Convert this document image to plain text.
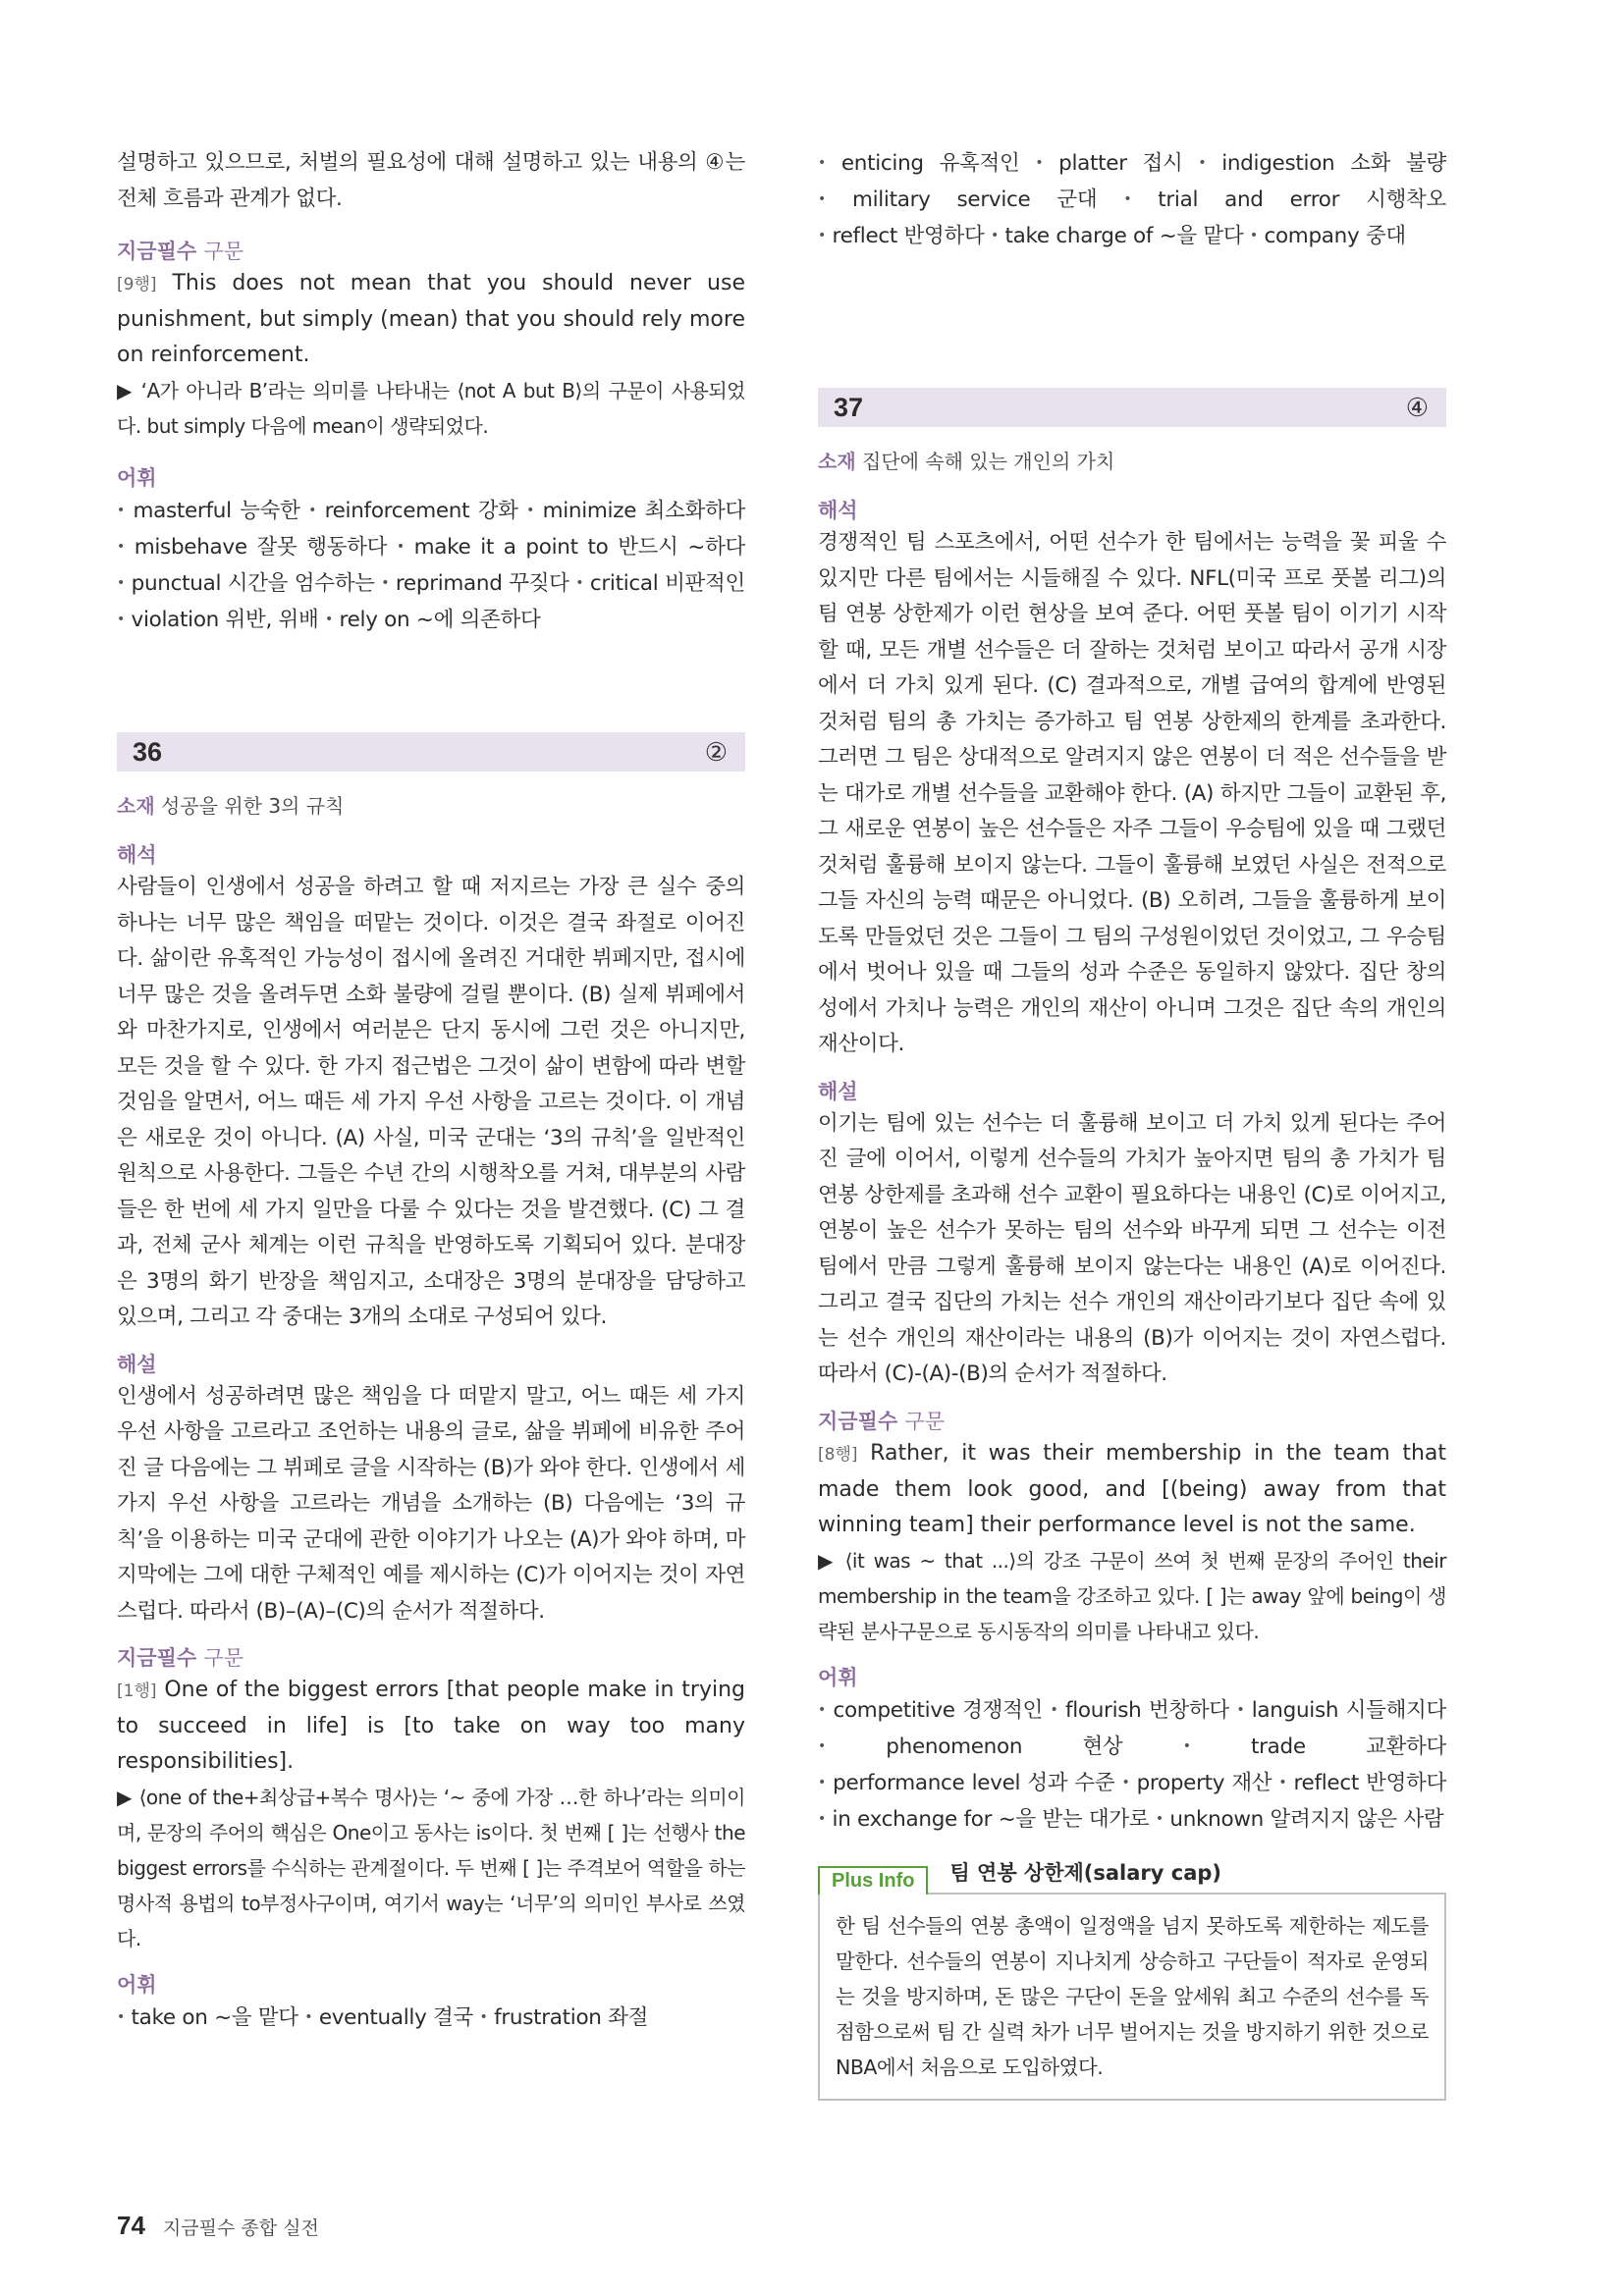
설명하고 있으므로, 처벌의 필요성에 대해 설명하고 있는 내용의 ④는 전체 흐름과 관계가 없다.

지금필수 구문

[9행] This does not mean that you should never use punishment, but simply (mean) that you should rely more on reinforcement.

▶ ‘A가 아니라 B’라는 의미를 나타내는 ⟨not A but B⟩의 구문이 사용되었다. but simply 다음에 mean이 생략되었다.

어휘

• masterful 능숙한 • reinforcement 강화 • minimize 최소화하다 • misbehave 잘못 행동하다 • make it a point to 반드시 ~하다 • punctual 시간을 엄수하는 • reprimand 꾸짖다 • critical 비판적인 • violation 위반, 위배 • rely on ~에 의존하다

36	②

소재 성공을 위한 3의 규칙

해석

사람들이 인생에서 성공을 하려고 할 때 저지르는 가장 큰 실수 중의 하나는 너무 많은 책임을 떠맡는 것이다. 이것은 결국 좌절로 이어진다. 삶이란 유혹적인 가능성이 접시에 올려진 거대한 뷔페지만, 접시에 너무 많은 것을 올려두면 소화 불량에 걸릴 뿐이다. (B) 실제 뷔페에서와 마찬가지로, 인생에서 여러분은 단지 동시에 그런 것은 아니지만, 모든 것을 할 수 있다. 한 가지 접근법은 그것이 삶이 변함에 따라 변할 것임을 알면서, 어느 때든 세 가지 우선 사항을 고르는 것이다. 이 개념은 새로운 것이 아니다. (A) 사실, 미국 군대는 ‘3의 규칙’을 일반적인 원칙으로 사용한다. 그들은 수년 간의 시행착오를 거쳐, 대부분의 사람들은 한 번에 세 가지 일만을 다룰 수 있다는 것을 발견했다. (C) 그 결과, 전체 군사 체계는 이런 규칙을 반영하도록 기획되어 있다. 분대장은 3명의 화기 반장을 책임지고, 소대장은 3명의 분대장을 담당하고 있으며, 그리고 각 중대는 3개의 소대로 구성되어 있다.

해설

인생에서 성공하려면 많은 책임을 다 떠맡지 말고, 어느 때든 세 가지 우선 사항을 고르라고 조언하는 내용의 글로, 삶을 뷔페에 비유한 주어진 글 다음에는 그 뷔페로 글을 시작하는 (B)가 와야 한다. 인생에서 세 가지 우선 사항을 고르라는 개념을 소개하는 (B) 다음에는 ‘3의 규칙’을 이용하는 미국 군대에 관한 이야기가 나오는 (A)가 와야 하며, 마지막에는 그에 대한 구체적인 예를 제시하는 (C)가 이어지는 것이 자연스럽다. 따라서 (B)–(A)–(C)의 순서가 적절하다.

지금필수 구문

[1행] One of the biggest errors [that people make in trying to succeed in life] is [to take on way too many responsibilities].

▶ ⟨one of the+최상급+복수 명사⟩는 ‘~ 중에 가장 …한 하나’라는 의미이며, 문장의 주어의 핵심은 One이고 동사는 is이다. 첫 번째 [ ]는 선행사 the biggest errors를 수식하는 관계절이다. 두 번째 [ ]는 주격보어 역할을 하는 명사적 용법의 to부정사구이며, 여기서 way는 ‘너무’의 의미인 부사로 쓰였다.

어휘

• take on ~을 맡다 • eventually 결국 • frustration 좌절

• enticing 유혹적인 • platter 접시 • indigestion 소화 불량 • military service 군대 • trial and error 시행착오 • reflect 반영하다 • take charge of ~을 맡다 • company 중대

37	④

소재 집단에 속해 있는 개인의 가치

해석

경쟁적인 팀 스포츠에서, 어떤 선수가 한 팀에서는 능력을 꽃 피울 수 있지만 다른 팀에서는 시들해질 수 있다. NFL(미국 프로 풋볼 리그)의 팀 연봉 상한제가 이런 현상을 보여 준다. 어떤 풋볼 팀이 이기기 시작할 때, 모든 개별 선수들은 더 잘하는 것처럼 보이고 따라서 공개 시장에서 더 가치 있게 된다. (C) 결과적으로, 개별 급여의 합계에 반영된 것처럼 팀의 총 가치는 증가하고 팀 연봉 상한제의 한계를 초과한다. 그러면 그 팀은 상대적으로 알려지지 않은 연봉이 더 적은 선수들을 받는 대가로 개별 선수들을 교환해야 한다. (A) 하지만 그들이 교환된 후, 그 새로운 연봉이 높은 선수들은 자주 그들이 우승팀에 있을 때 그랬던 것처럼 훌륭해 보이지 않는다. 그들이 훌륭해 보였던 사실은 전적으로 그들 자신의 능력 때문은 아니었다. (B) 오히려, 그들을 훌륭하게 보이도록 만들었던 것은 그들이 그 팀의 구성원이었던 것이었고, 그 우승팀에서 벗어나 있을 때 그들의 성과 수준은 동일하지 않았다. 집단 창의성에서 가치나 능력은 개인의 재산이 아니며 그것은 집단 속의 개인의 재산이다.

해설

이기는 팀에 있는 선수는 더 훌륭해 보이고 더 가치 있게 된다는 주어진 글에 이어서, 이렇게 선수들의 가치가 높아지면 팀의 총 가치가 팀 연봉 상한제를 초과해 선수 교환이 필요하다는 내용인 (C)로 이어지고, 연봉이 높은 선수가 못하는 팀의 선수와 바꾸게 되면 그 선수는 이전 팀에서 만큼 그렇게 훌륭해 보이지 않는다는 내용인 (A)로 이어진다. 그리고 결국 집단의 가치는 선수 개인의 재산이라기보다 집단 속에 있는 선수 개인의 재산이라는 내용의 (B)가 이어지는 것이 자연스럽다. 따라서 (C)-(A)-(B)의 순서가 적절하다.

지금필수 구문

[8행] Rather, it was their membership in the team that made them look good, and [(being) away from that winning team] their performance level is not the same.

▶ ⟨it was ~ that ...⟩의 강조 구문이 쓰여 첫 번째 문장의 주어인 their membership in the team을 강조하고 있다. [ ]는 away 앞에 being이 생략된 분사구문으로 동시동작의 의미를 나타내고 있다.

어휘

• competitive 경쟁적인 • flourish 번창하다 • languish 시들해지다 •	phenomenon 현상	•	trade 교환하다 • performance level 성과 수준 • property 재산 • reflect 반영하다 • in exchange for ~을 받는 대가로 • unknown 알려지지 않은 사람

Plus Info	팀 연봉 상한제(salary cap)
한 팀 선수들의 연봉 총액이 일정액을 넘지 못하도록 제한하는 제도를 말한다. 선수들의 연봉이 지나치게 상승하고 구단들이 적자로 운영되는 것을 방지하며, 돈 많은 구단이 돈을 앞세워 최고 수준의 선수를 독점함으로써 팀 간 실력 차가 너무 벌어지는 것을 방지하기 위한 것으로 NBA에서 처음으로 도입하였다.
74 지금필수 종합 실전
